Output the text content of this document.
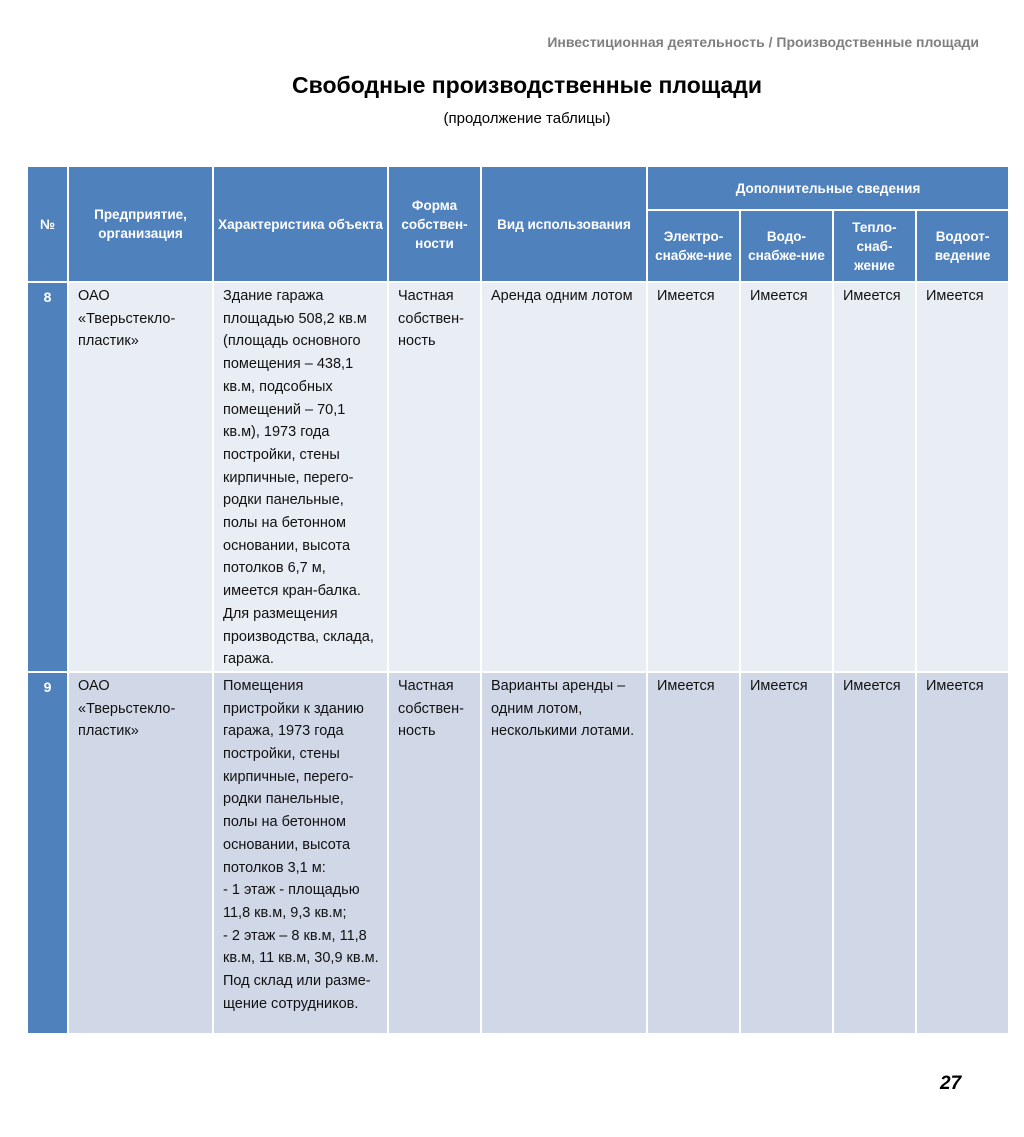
Инвестиционная деятельность / Производственные площади
Свободные производственные площади
(продолжение таблицы)
№	Предприятие, организация	Характеристика объекта	Форма собствен-ности	Вид использования	Дополнительные сведения			
					Электро-снабже-ние	Водо-снабже-ние	Тепло-снаб-жение	Водоот-ведение
8	ОАО «Тверьстекло-пластик»	Здание гаража площадью 508,2 кв.м (площадь основного помещения – 438,1 кв.м, подсобных помещений – 70,1 кв.м), 1973 года постройки, стены кирпичные, перего-родки панельные, полы на бетонном основании, высота потолков 6,7 м, имеется кран-балка. Для размещения производства, склада, гаража.	Частная собствен-ность	Аренда одним лотом	Имеется	Имеется	Имеется	Имеется
9	ОАО «Тверьстекло-пластик»	Помещения пристройки к зданию гаража, 1973 года постройки, стены кирпичные, перего-родки панельные, полы на бетонном основании, высота потолков 3,1 м:
- 1 этаж - площадью 11,8 кв.м, 9,3 кв.м;
- 2 этаж – 8 кв.м, 11,8 кв.м, 11 кв.м, 30,9 кв.м.
Под склад или разме-щение сотрудников.	Частная собствен-ность	Варианты аренды – одним лотом, несколькими лотами.	Имеется	Имеется	Имеется	Имеется
27
